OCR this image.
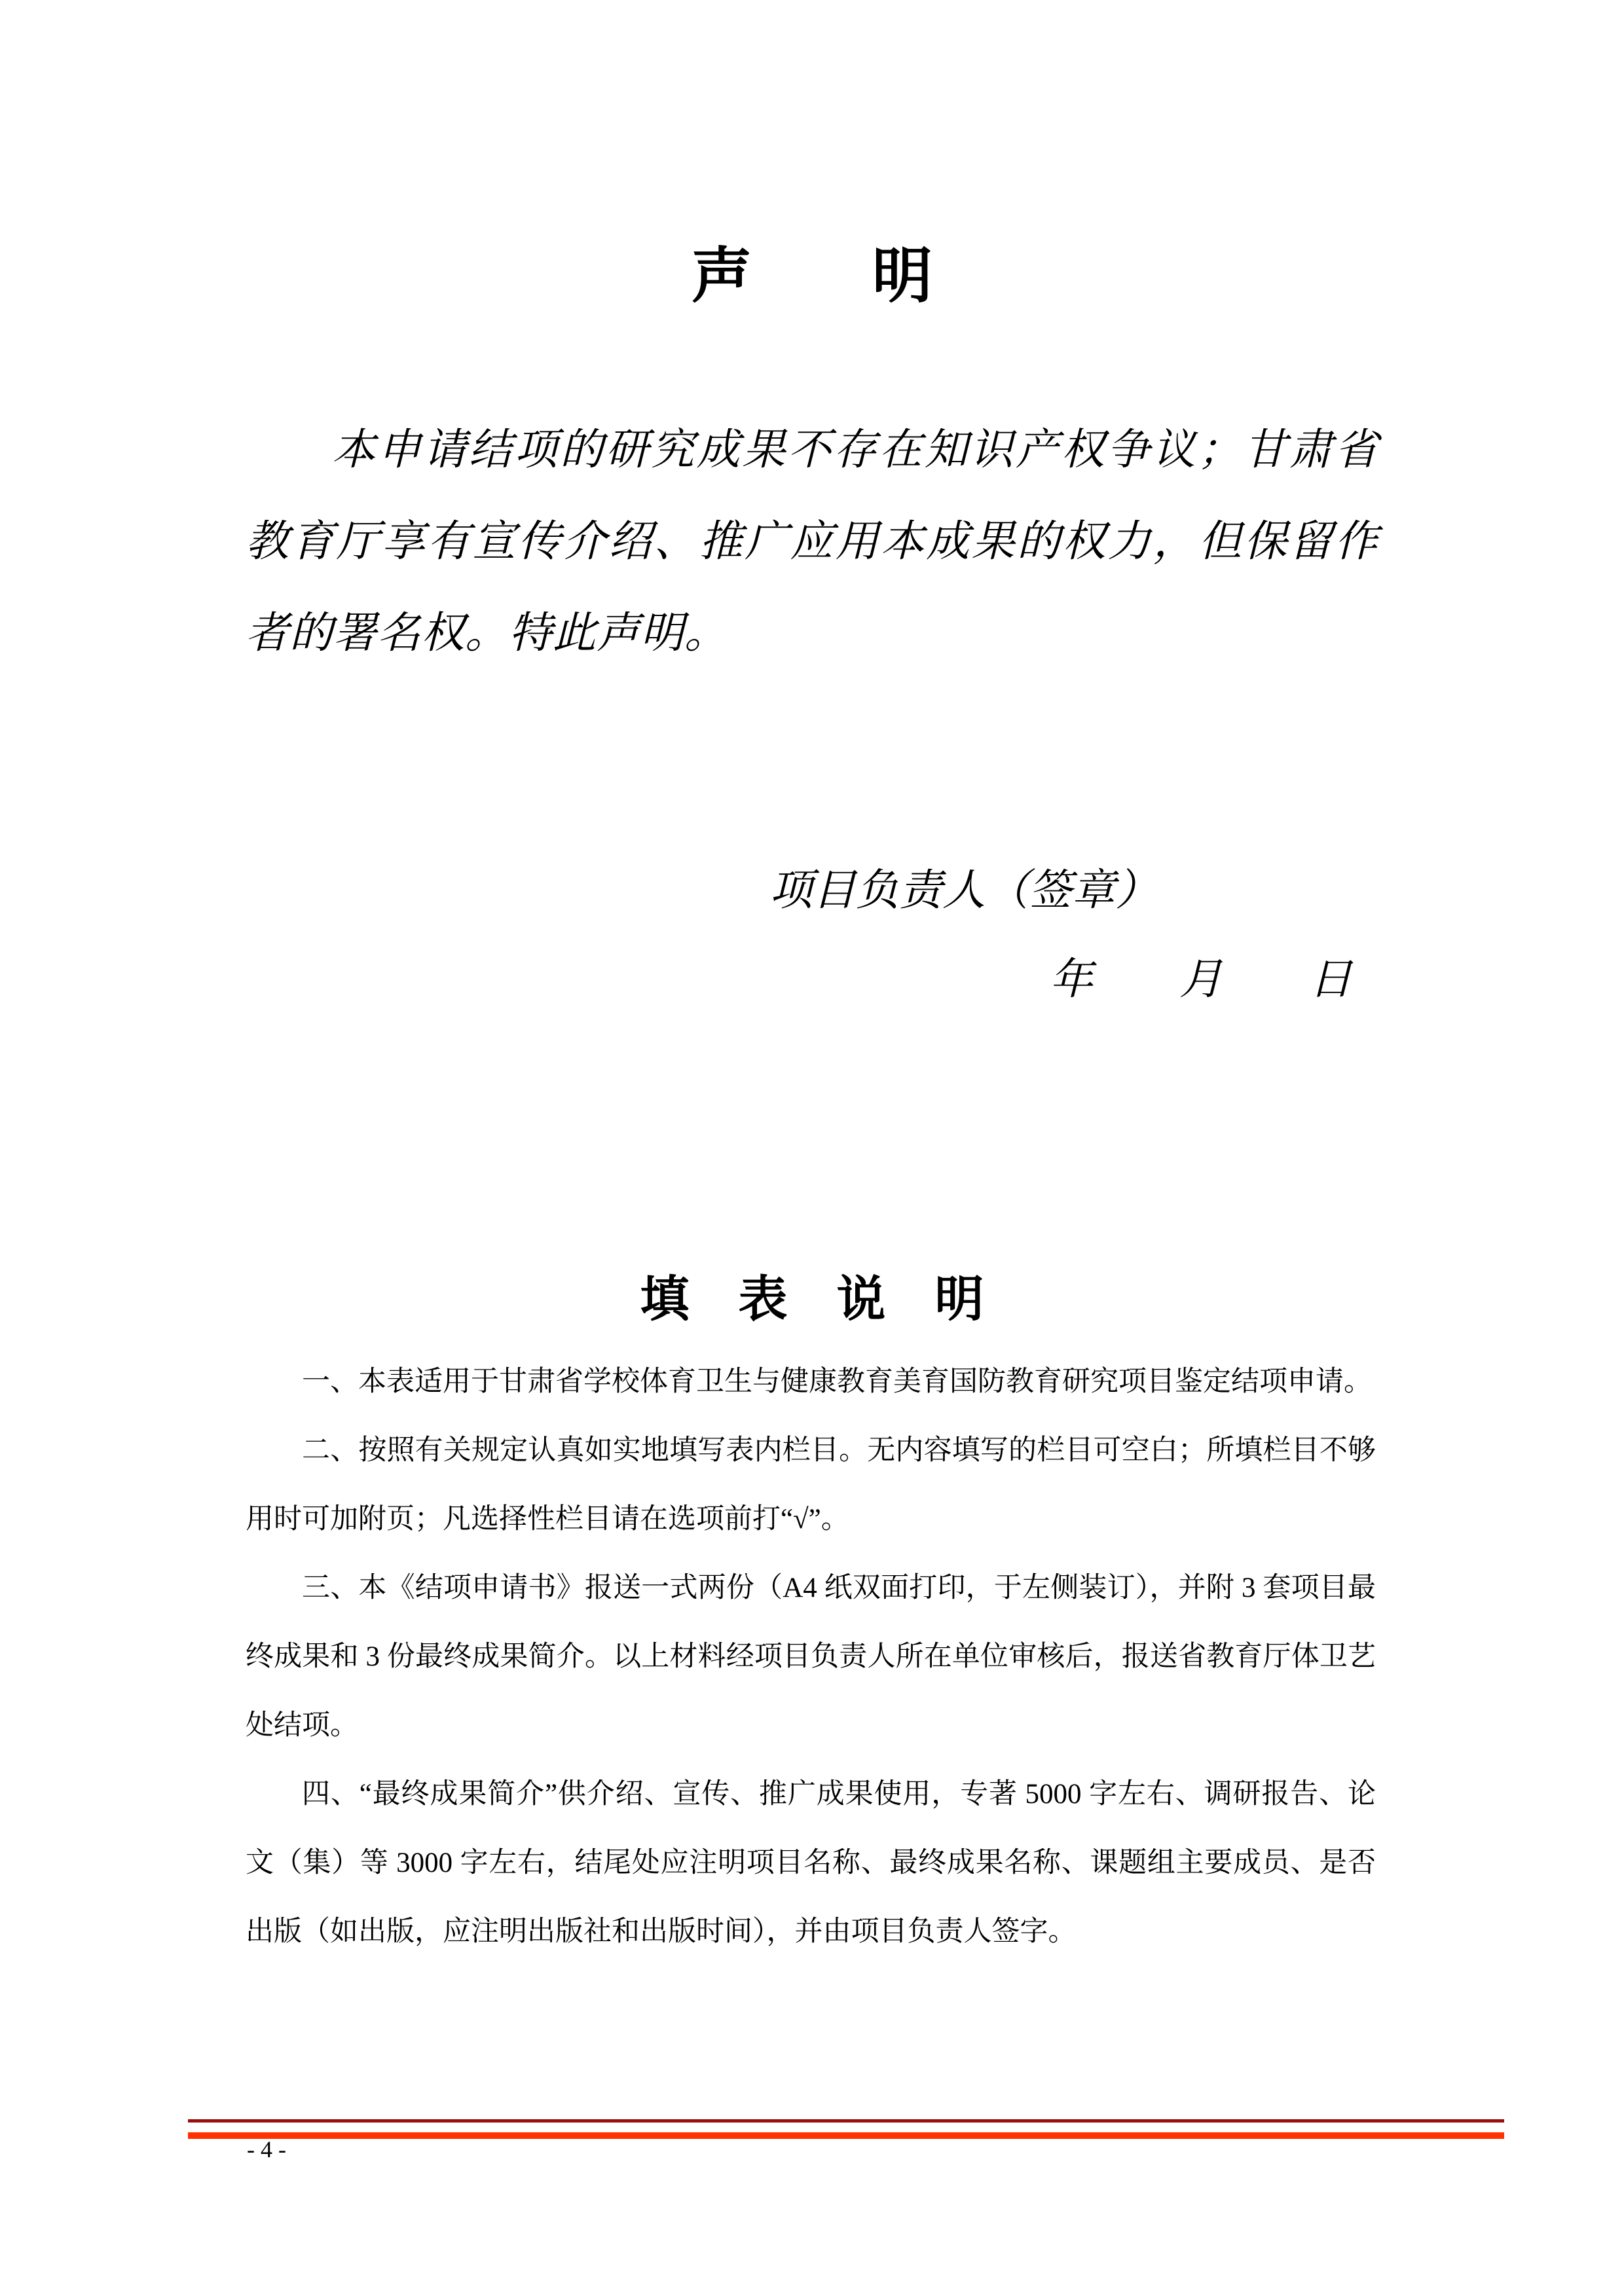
声　　明
本申请结项的研究成果不存在知识产权争议；甘肃省教育厅享有宣传介绍、推广应用本成果的权力，但保留作者的署名权。特此声明。
项目负责人（签章）
年　　月　　日
填　表　说　明

一、本表适用于甘肃省学校体育卫生与健康教育美育国防教育研究项目鉴定结项申请。

二、按照有关规定认真如实地填写表内栏目。无内容填写的栏目可空白；所填栏目不够用时可加附页；凡选择性栏目请在选项前打“√”。

三、本《结项申请书》报送一式两份（A4 纸双面打印，于左侧装订），并附 3 套项目最终成果和 3 份最终成果简介。以上材料经项目负责人所在单位审核后，报送省教育厅体卫艺处结项。

四、“最终成果简介”供介绍、宣传、推广成果使用，专著 5000 字左右、调研报告、论文（集）等 3000 字左右，结尾处应注明项目名称、最终成果名称、课题组主要成员、是否出版（如出版，应注明出版社和出版时间），并由项目负责人签字。

- 4 -
